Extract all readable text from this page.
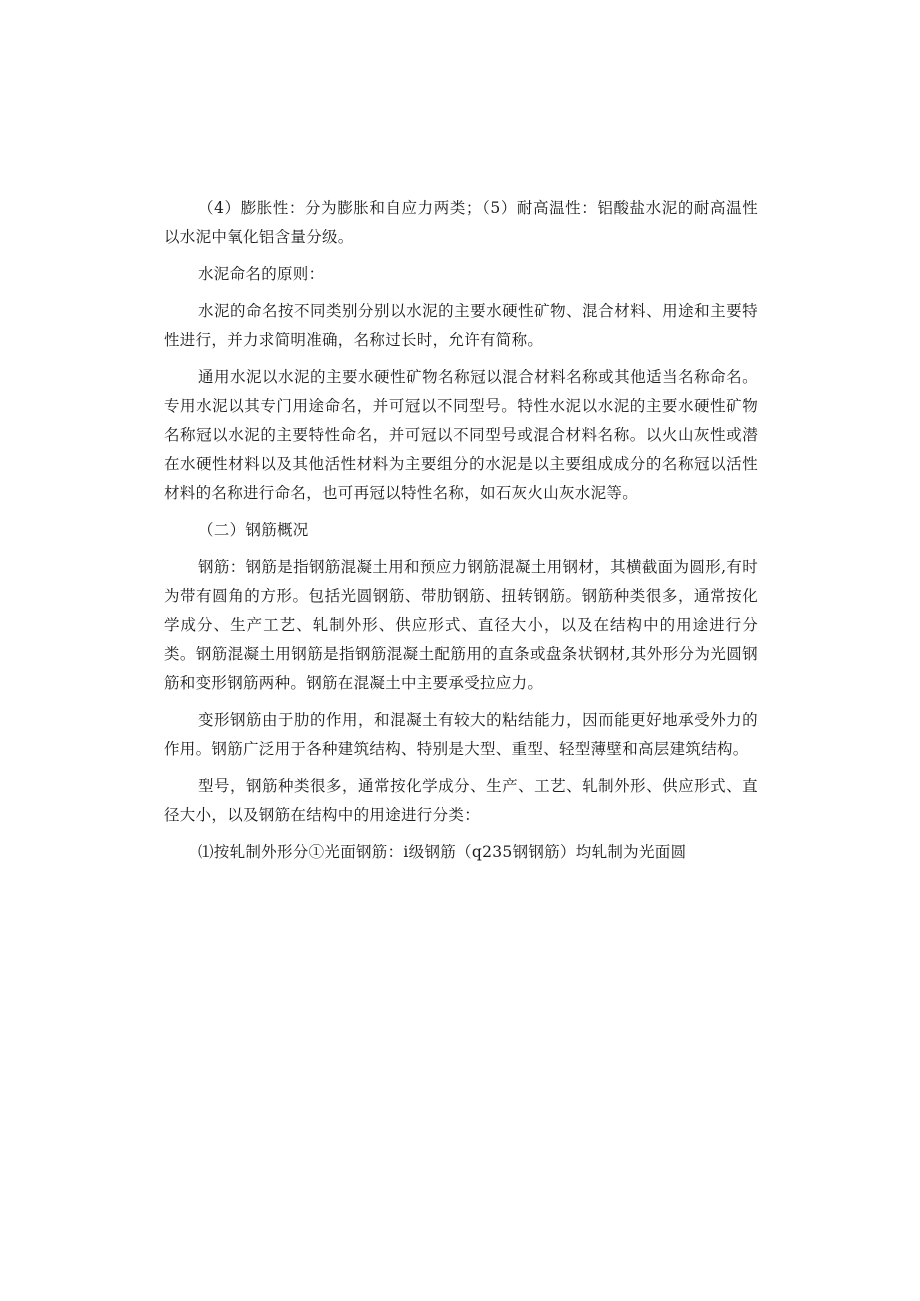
（4）膨胀性：分为膨胀和自应力两类；（5）耐高温性：铝酸盐水泥的耐高温性以水泥中氧化铝含量分级。

水泥命名的原则：

水泥的命名按不同类别分别以水泥的主要水硬性矿物、混合材料、用途和主要特性进行，并力求简明准确，名称过长时，允许有简称。

通用水泥以水泥的主要水硬性矿物名称冠以混合材料名称或其他适当名称命名。专用水泥以其专门用途命名，并可冠以不同型号。特性水泥以水泥的主要水硬性矿物名称冠以水泥的主要特性命名，并可冠以不同型号或混合材料名称。以火山灰性或潜在水硬性材料以及其他活性材料为主要组分的水泥是以主要组成成分的名称冠以活性材料的名称进行命名，也可再冠以特性名称，如石灰火山灰水泥等。

（二）钢筋概况

钢筋：钢筋是指钢筋混凝土用和预应力钢筋混凝土用钢材，其横截面为圆形,有时为带有圆角的方形。包括光圆钢筋、带肋钢筋、扭转钢筋。钢筋种类很多，通常按化学成分、生产工艺、轧制外形、供应形式、直径大小，以及在结构中的用途进行分类。钢筋混凝土用钢筋是指钢筋混凝土配筋用的直条或盘条状钢材,其外形分为光圆钢筋和变形钢筋两种。钢筋在混凝土中主要承受拉应力。

变形钢筋由于肋的作用，和混凝土有较大的粘结能力，因而能更好地承受外力的作用。钢筋广泛用于各种建筑结构、特别是大型、重型、轻型薄壁和高层建筑结构。

型号，钢筋种类很多，通常按化学成分、生产、工艺、轧制外形、供应形式、直径大小，以及钢筋在结构中的用途进行分类：

⑴按轧制外形分①光面钢筋：i级钢筋（q235钢钢筋）均轧制为光面圆
